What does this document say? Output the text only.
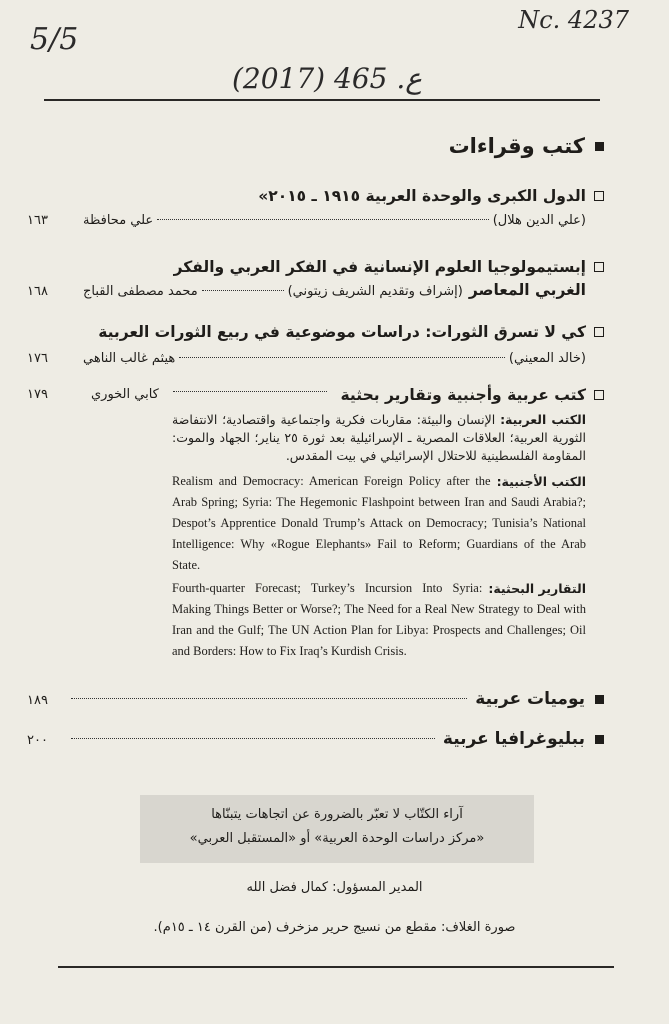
5/5
Nc. 4237
(2017) 465 .ع
كتب وقراءات
الدول الكبرى والوحدة العربية ١٩١٥ ـ ٢٠١٥»
(علي الدين هلال)
علي محافظة
١٦٣
إبستيمولوجيا العلوم الإنسانية في الفكر العربي والفكر
الغربي المعاصر
(إشراف وتقديم الشريف زيتوني)
محمد مصطفى القباج
١٦٨
كي لا تسرق الثورات: دراسات موضوعية في ربيع الثورات العربية
(خالد المعيني)
هيثم غالب الناهي
١٧٦
كتب عربية وأجنبية وتقارير بحثية
كابي الخوري
١٧٩

الكتب العربية: الإنسان والبيئة: مقاربات فكرية واجتماعية واقتصادية؛ الانتفاضة الثورية العربية؛ العلاقات المصرية ـ الإسرائيلية بعد ثورة ٢٥ يناير؛ الجهاد والموت: المقاومة الفلسطينية للاحتلال الإسرائيلي في بيت المقدس.

الكتب الأجنبية:
Realism and Democracy: American Foreign Policy after the Arab Spring; Syria: The Hegemonic Flashpoint between Iran and Saudi Arabia?; Despot’s Apprentice Donald Trump’s Attack on Democracy; Tunisia’s National Intelligence: Why «Rogue Elephants» Fail to Reform; Guardians of the Arab State.
التقارير البحثية:
Fourth-quarter Forecast; Turkey’s Incursion Into Syria: Making Things Better or Worse?; The Need for a Real New Strategy to Deal with Iran and the Gulf; The UN Action Plan for Libya: Prospects and Challenges; Oil and Borders: How to Fix Iraq’s Kurdish Crisis.
يوميات عربية
١٨٩
ببليوغرافيا عربية
٢٠٠
آراء الكتّاب لا تعبّر بالضرورة عن اتجاهات يتبنّاها
«مركز دراسات الوحدة العربية» أو «المستقبل العربي»
المدير المسؤول: كمال فضل الله
صورة الغلاف: مقطع من نسيج حرير مزخرف (من القرن ١٤ ـ ١٥م).
